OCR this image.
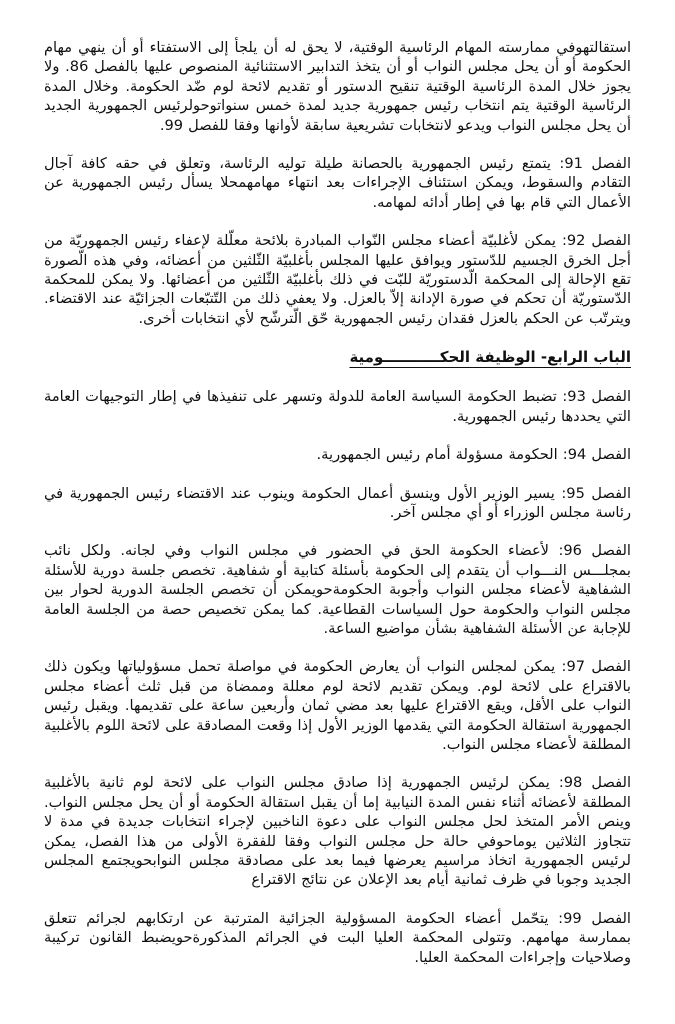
استقالتهوفي ممارسته المهام الرئاسية الوقتية، لا يحق له أن يلجأ إلى الاستفتاء أو أن ينهي مهام الحكومة أو أن يحل مجلس النواب أو أن يتخذ التدابير الاستثنائية المنصوص عليها بالفصل 86. ولا يجوز خلال المدة الرئاسية الوقتية تنقيح الدستور أو تقديم لائحة لوم ضّد الحكومة. وخلال المدة الرئاسية الوقتية يتم انتخاب رئيس جمهورية جديد لمدة خمس سنواتوحولرئيس الجمهورية الجديد أن يحل مجلس النواب ويدعو لانتخابات تشريعية سابقة لأوانها وفقا للفصل 99.

الفصل 91: يتمتع رئيس الجمهورية بالحصانة طيلة توليه الرئاسة، وتعلق في حقه كافة آجال التقادم والسقوط، ويمكن استئناف الإجراءات بعد انتهاء مهامهمحلا يسأل رئيس الجمهورية عن الأعمال التي قام بها في إطار أدائه لمهامه.

الفصل 92: يمكن لأغلبيّة أعضاء مجلس النّواب المبادرة بلائحة معلّلة لإعفاء رئيس الجمهوريّة من أجل الخرق الجسيم للدّستور ويوافق عليها المجلس بأغلبيّة الثّلثين من أعضائه، وفي هذه الّصورة تقع الإحالة إلى المحكمة الّدستوريّة للبّت في ذلك بأغلبيّة الثّلثين من أعضائها. ولا يمكن للمحكمة الدّستوريّة أن تحكم في صورة الإدانة إلاّ بالعزل. ولا يعفي ذلك من التّتبّعات الجزائيّة عند الاقتضاء. ويترتّب عن الحكم بالعزل فقدان رئيس الجمهورية حّق الّترشّح لأي انتخابات أخرى.

الباب الرابع- الوظيفة الحكـــــــــــومية

الفصل 93: تضبط الحكومة السياسة العامة للدولة وتسهر على تنفيذها في إطار التوجيهات العامة التي يحددها رئيس الجمهورية.

الفصل 94: الحكومة مسؤولة أمام رئيس الجمهورية.

الفصل 95: يسير الوزير الأول وينسق أعمال الحكومة وينوب عند الاقتضاء رئيس الجمهورية في رئاسة مجلس الوزراء أو أي مجلس آخر.

الفصل 96: لأعضاء الحكومة الحق في الحضور في مجلس النواب وفي لجانه. ولكل نائب بمجلـــس النـــواب أن يتقدم إلى الحكومة بأسئلة كتابية أو شفاهية. تخصص جلسة دورية للأسئلة الشفاهية لأعضاء مجلس النواب وأجوبة الحكومةحويمكن أن تخصص الجلسة الدورية لحوار بين مجلس النواب والحكومة حول السياسات القطاعية. كما يمكن تخصيص حصة من الجلسة العامة للإجابة عن الأسئلة الشفاهية بشأن مواضيع الساعة.

الفصل 97: يمكن لمجلس النواب أن يعارض الحكومة في مواصلة تحمل مسؤولياتها ويكون ذلك بالاقتراع على لائحة لوم. ويمكن تقديم لائحة لوم معللة وممضاة من قبل ثلث أعضاء مجلس النواب على الأقل، ويقع الاقتراع عليها بعد مضي ثمان وأربعين ساعة على تقديمها. ويقبل رئيس الجمهورية استقالة الحكومة التي يقدمها الوزير الأول إذا وقعت المصادقة على لائحة اللوم بالأغلبية المطلقة لأعضاء مجلس النواب.

الفصل 98: يمكن لرئيس الجمهورية إذا صادق مجلس النواب على لائحة لوم ثانية بالأغلبية المطلقة لأعضائه أثناء نفس المدة النيابية إما أن يقبل استقالة الحكومة أو أن يحل مجلس النواب. وينص الأمر المتخذ لحل مجلس النواب على دعوة الناخبين لإجراء انتخابات جديدة في مدة لا تتجاوز الثلاثين يوماحوفي حالة حل مجلس النواب وفقا للفقرة الأولى من هذا الفصل، يمكن لرئيس الجمهورية اتخاذ مراسيم يعرضها فيما بعد على مصادقة مجلس النوابحويجتمع المجلس الجديد وجوبا في ظرف ثمانية أيام بعد الإعلان عن نتائج الاقتراع

الفصل 99: يتحّمل أعضاء الحكومة المسؤولية الجزائية المترتبة عن ارتكابهم لجرائم تتعلق بممارسة مهامهم. وتتولى المحكمة العليا البت في الجرائم المذكورةحويضبط القانون تركيبة وصلاحيات وإجراءات المحكمة العليا.
